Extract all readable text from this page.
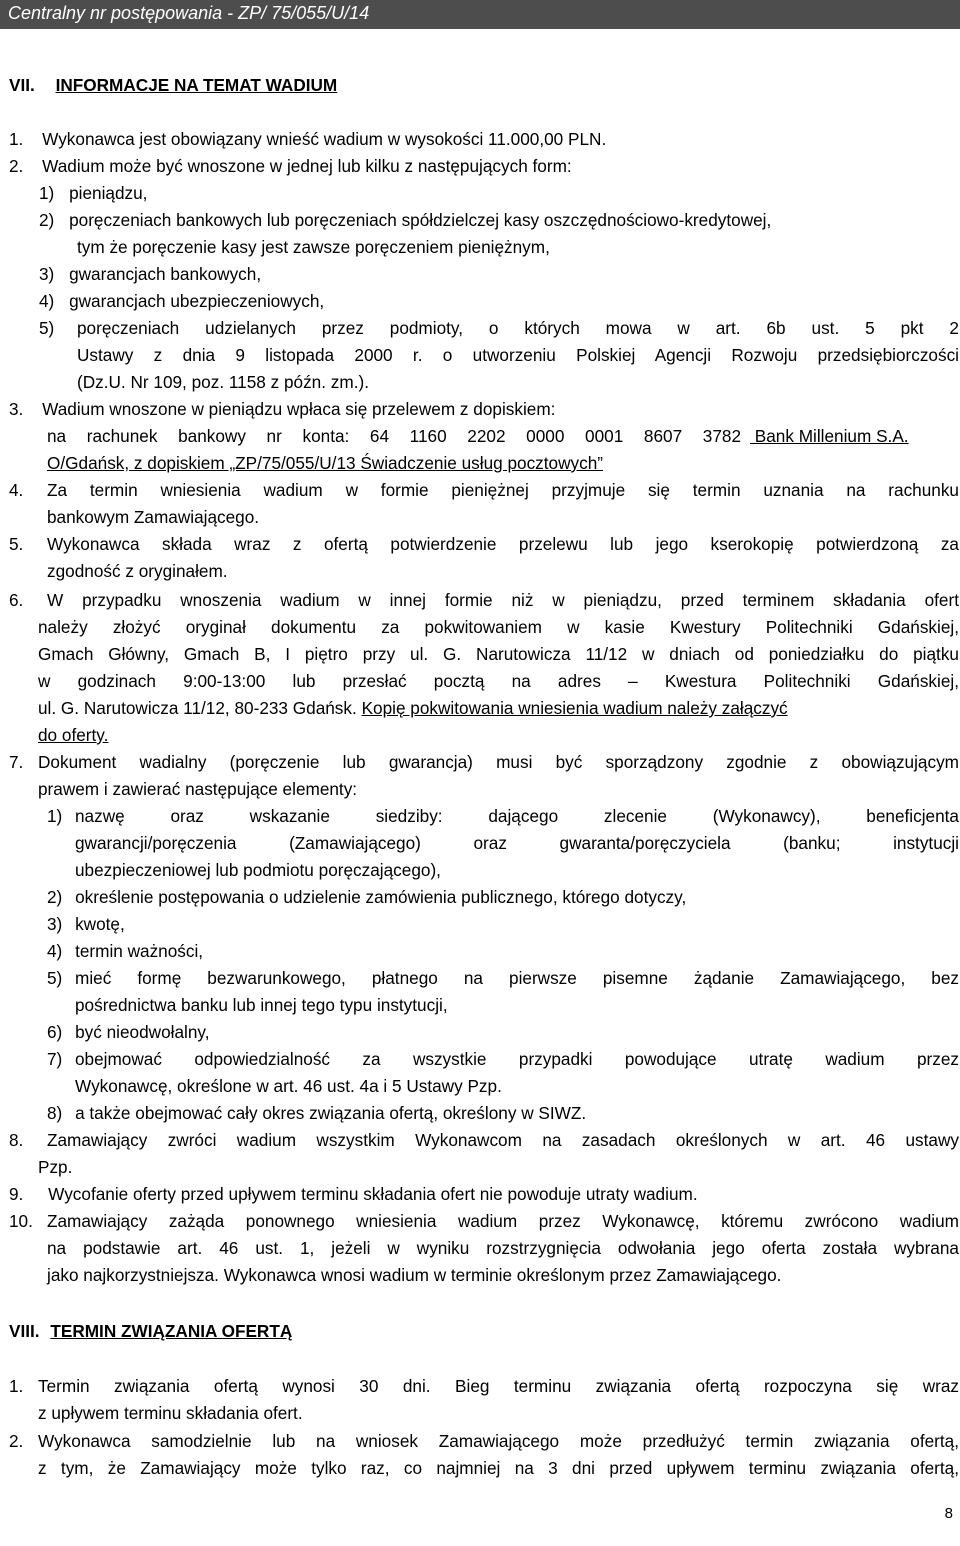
Centralny nr postępowania - ZP/ 75/055/U/14
VII. INFORMACJE NA TEMAT WADIUM
1. Wykonawca jest obowiązany wnieść wadium w wysokości 11.000,00 PLN.
2. Wadium może być wnoszone w jednej lub kilku z następujących form:
1) pieniądzu,
2) poręczeniach bankowych lub poręczeniach spółdzielczej kasy oszczędnościowo-kredytowej,
tym że poręczenie kasy jest zawsze poręczeniem pieniężnym,
3) gwarancjach bankowych,
4) gwarancjach ubezpieczeniowych,
5) poręczeniach udzielanych przez podmioty, o których mowa w art. 6b ust. 5 pkt 2

Ustawy z dnia 9 listopada 2000 r. o utworzeniu Polskiej Agencji Rozwoju przedsiębiorczości

(Dz.U. Nr 109, poz. 1158 z późn. zm.).
3. Wadium wnoszone w pieniądzu wpłaca się przelewem z dopiskiem:
na rachunek bankowy nr konta: 64 1160 2202 0000 0001 8607 3782 Bank Millenium S.A.
O/Gdańsk, z dopiskiem „ZP/75/055/U/13 Świadczenie usług pocztowych”
4. Za termin wniesienia wadium w formie pieniężnej przyjmuje się termin uznania na rachunku

bankowym Zamawiającego.
5. Wykonawca składa wraz z ofertą potwierdzenie przelewu lub jego kserokopię potwierdzoną za

zgodność z oryginałem.
6. W przypadku wnoszenia wadium w innej formie niż w pieniądzu, przed terminem składania ofert

należy złożyć oryginał dokumentu za pokwitowaniem w kasie Kwestury Politechniki Gdańskiej,

Gmach Główny, Gmach B, I piętro przy ul. G. Narutowicza 11/12 w dniach od poniedziałku do piątku

w godzinach 9:00-13:00 lub przesłać pocztą na adres – Kwestura Politechniki Gdańskiej,

ul. G. Narutowicza 11/12, 80-233 Gdańsk. Kopię pokwitowania wniesienia wadium należy załączyć
do oferty.
7. Dokument wadialny (poręczenie lub gwarancja) musi być sporządzony zgodnie z obowiązującym

prawem i zawierać następujące elementy:
1) nazwę oraz wskazanie siedziby: dającego zlecenie (Wykonawcy), beneficjenta

gwarancji/poręczenia (Zamawiającego) oraz gwaranta/poręczyciela (banku; instytucji

ubezpieczeniowej lub podmiotu poręczającego),
2) określenie postępowania o udzielenie zamówienia publicznego, którego dotyczy,
3) kwotę,
4) termin ważności,
5) mieć formę bezwarunkowego, płatnego na pierwsze pisemne żądanie Zamawiającego, bez

pośrednictwa banku lub innej tego typu instytucji,
6) być nieodwołalny,
7) obejmować odpowiedzialność za wszystkie przypadki powodujące utratę wadium przez

Wykonawcę, określone w art. 46 ust. 4a i 5 Ustawy Pzp.
8) a także obejmować cały okres związania ofertą, określony w SIWZ.
8. Zamawiający zwróci wadium wszystkim Wykonawcom na zasadach określonych w art. 46 ustawy

Pzp.
9. Wycofanie oferty przed upływem terminu składania ofert nie powoduje utraty wadium.
10. Zamawiający zażąda ponownego wniesienia wadium przez Wykonawcę, któremu zwrócono wadium

na podstawie art. 46 ust. 1, jeżeli w wyniku rozstrzygnięcia odwołania jego oferta została wybrana

jako najkorzystniejsza. Wykonawca wnosi wadium w terminie określonym przez Zamawiającego.
VIII. TERMIN ZWIĄZANIA OFERTĄ
1. Termin związania ofertą wynosi 30 dni. Bieg terminu związania ofertą rozpoczyna się wraz

z upływem terminu składania ofert.
2. Wykonawca samodzielnie lub na wniosek Zamawiającego może przedłużyć termin związania ofertą,

z tym, że Zamawiający może tylko raz, co najmniej na 3 dni przed upływem terminu związania ofertą,

8
